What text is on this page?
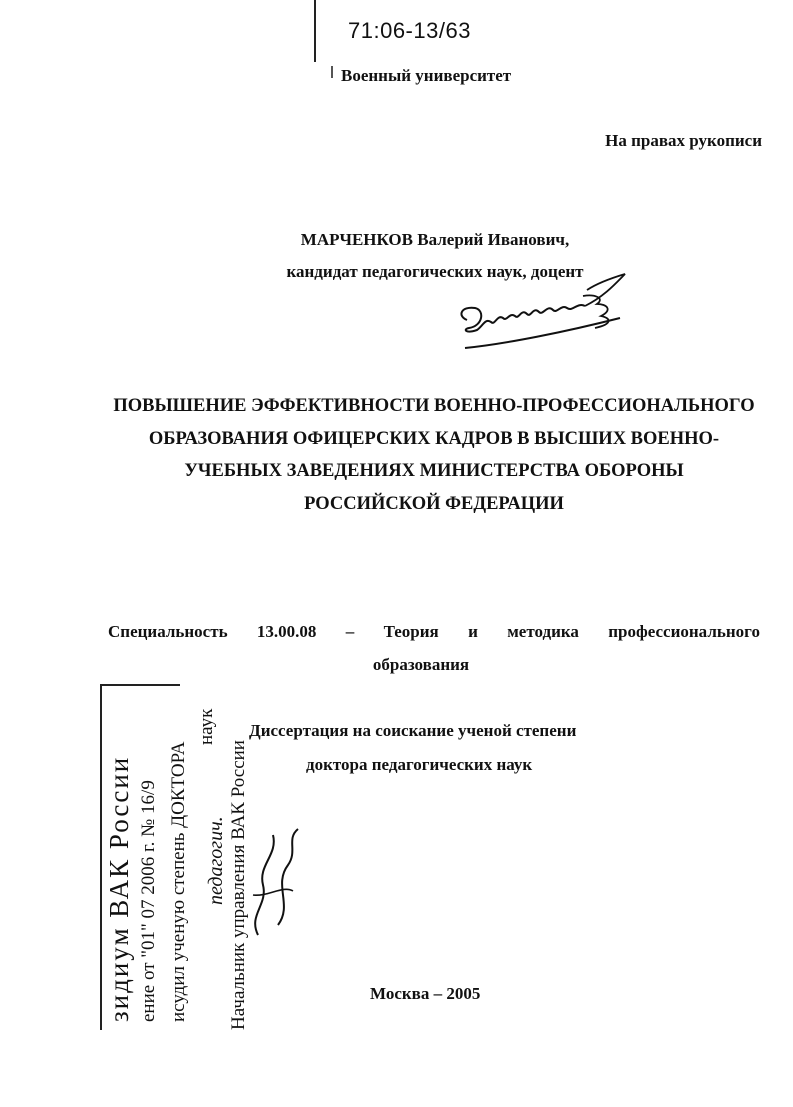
71:06-13/63
Военный университет
На правах рукописи
МАРЧЕНКОВ Валерий Иванович,
кандидат педагогических наук, доцент
ПОВЫШЕНИЕ ЭФФЕКТИВНОСТИ ВОЕННО-ПРОФЕССИОНАЛЬНОГО
ОБРАЗОВАНИЯ ОФИЦЕРСКИХ КАДРОВ В ВЫСШИХ ВОЕННО-
УЧЕБНЫХ ЗАВЕДЕНИЯХ МИНИСТЕРСТВА ОБОРОНЫ
РОССИЙСКОЙ ФЕДЕРАЦИИ
Специальность 13.00.08 – Теория и методика профессионального
образования
Диссертация на соискание ученой степени
доктора педагогических наук
Москва – 2005
зидиум ВАК России ение от "01" 07 2006 г. № 16/9 исудил ученую степень ДОКТОРА
наук
педагогич. Начальник управления ВАК России
